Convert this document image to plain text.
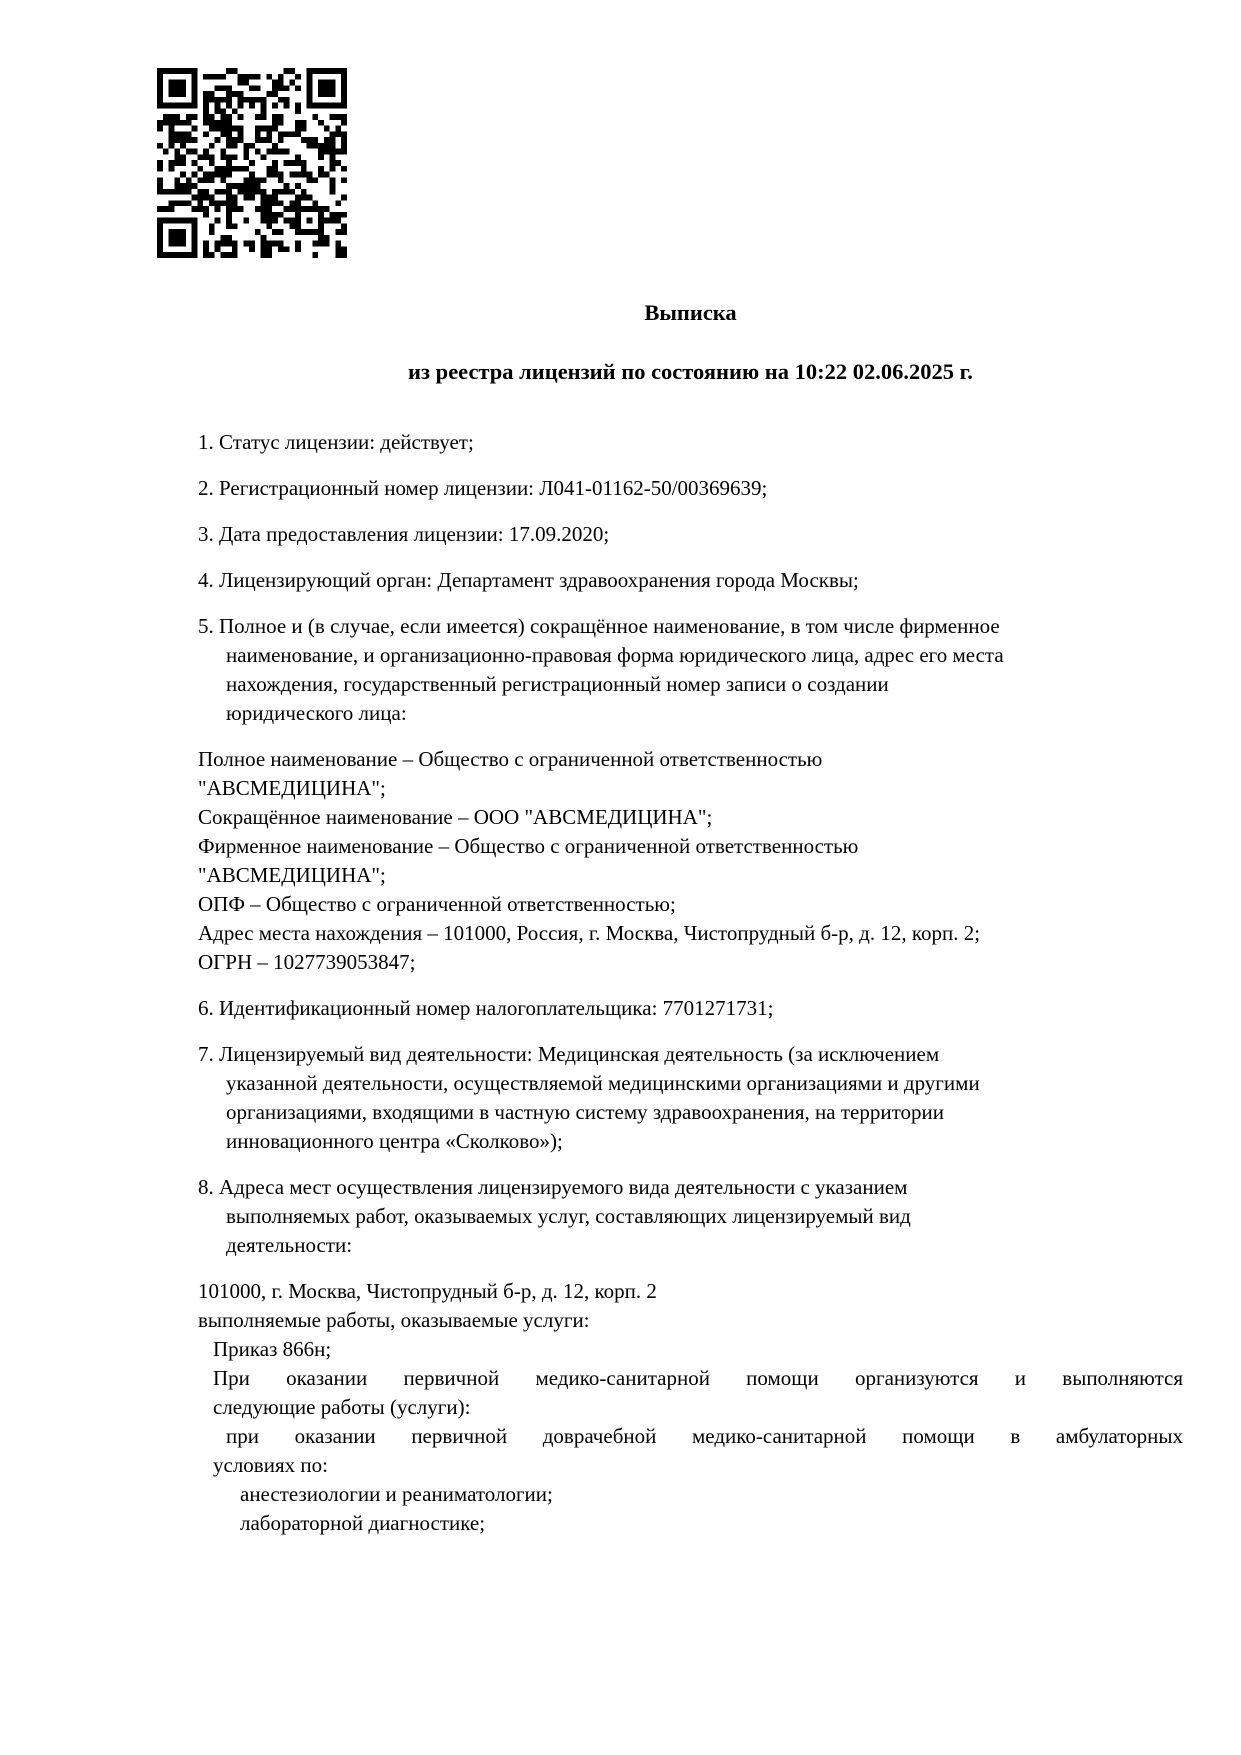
Выписка
из реестра лицензий по состоянию на 10:22 02.06.2025 г.
1. Статус лицензии: действует;
2. Регистрационный номер лицензии: Л041-01162-50/00369639;
3. Дата предоставления лицензии: 17.09.2020;
4. Лицензирующий орган: Департамент здравоохранения города Москвы;
5. Полное и (в случае, если имеется) сокращённое наименование, в том числе фирменное
наименование, и организационно-правовая форма юридического лица, адрес его места
нахождения, государственный регистрационный номер записи о создании
юридического лица:
Полное наименование – Общество с ограниченной ответственностью
"АВСМЕДИЦИНА";
Сокращённое наименование – ООО "АВСМЕДИЦИНА";
Фирменное наименование – Общество с ограниченной ответственностью
"АВСМЕДИЦИНА";
ОПФ – Общество с ограниченной ответственностью;
Адрес места нахождения – 101000, Россия, г. Москва, Чистопрудный б-р, д. 12, корп. 2;
ОГРН – 1027739053847;
6. Идентификационный номер налогоплательщика: 7701271731;
7. Лицензируемый вид деятельности: Медицинская деятельность (за исключением
указанной деятельности, осуществляемой медицинскими организациями и другими
организациями, входящими в частную систему здравоохранения, на территории
инновационного центра «Сколково»);
8. Адреса мест осуществления лицензируемого вида деятельности с указанием
выполняемых работ, оказываемых услуг, составляющих лицензируемый вид
деятельности:
101000, г. Москва, Чистопрудный б-р, д. 12, корп. 2
выполняемые работы, оказываемые услуги:
Приказ 866н;
При оказании первичной медико-санитарной помощи организуются и выполняются
следующие работы (услуги):
при оказании первичной доврачебной медико-санитарной помощи в амбулаторных
условиях по:
анестезиологии и реаниматологии;
лабораторной диагностике;
